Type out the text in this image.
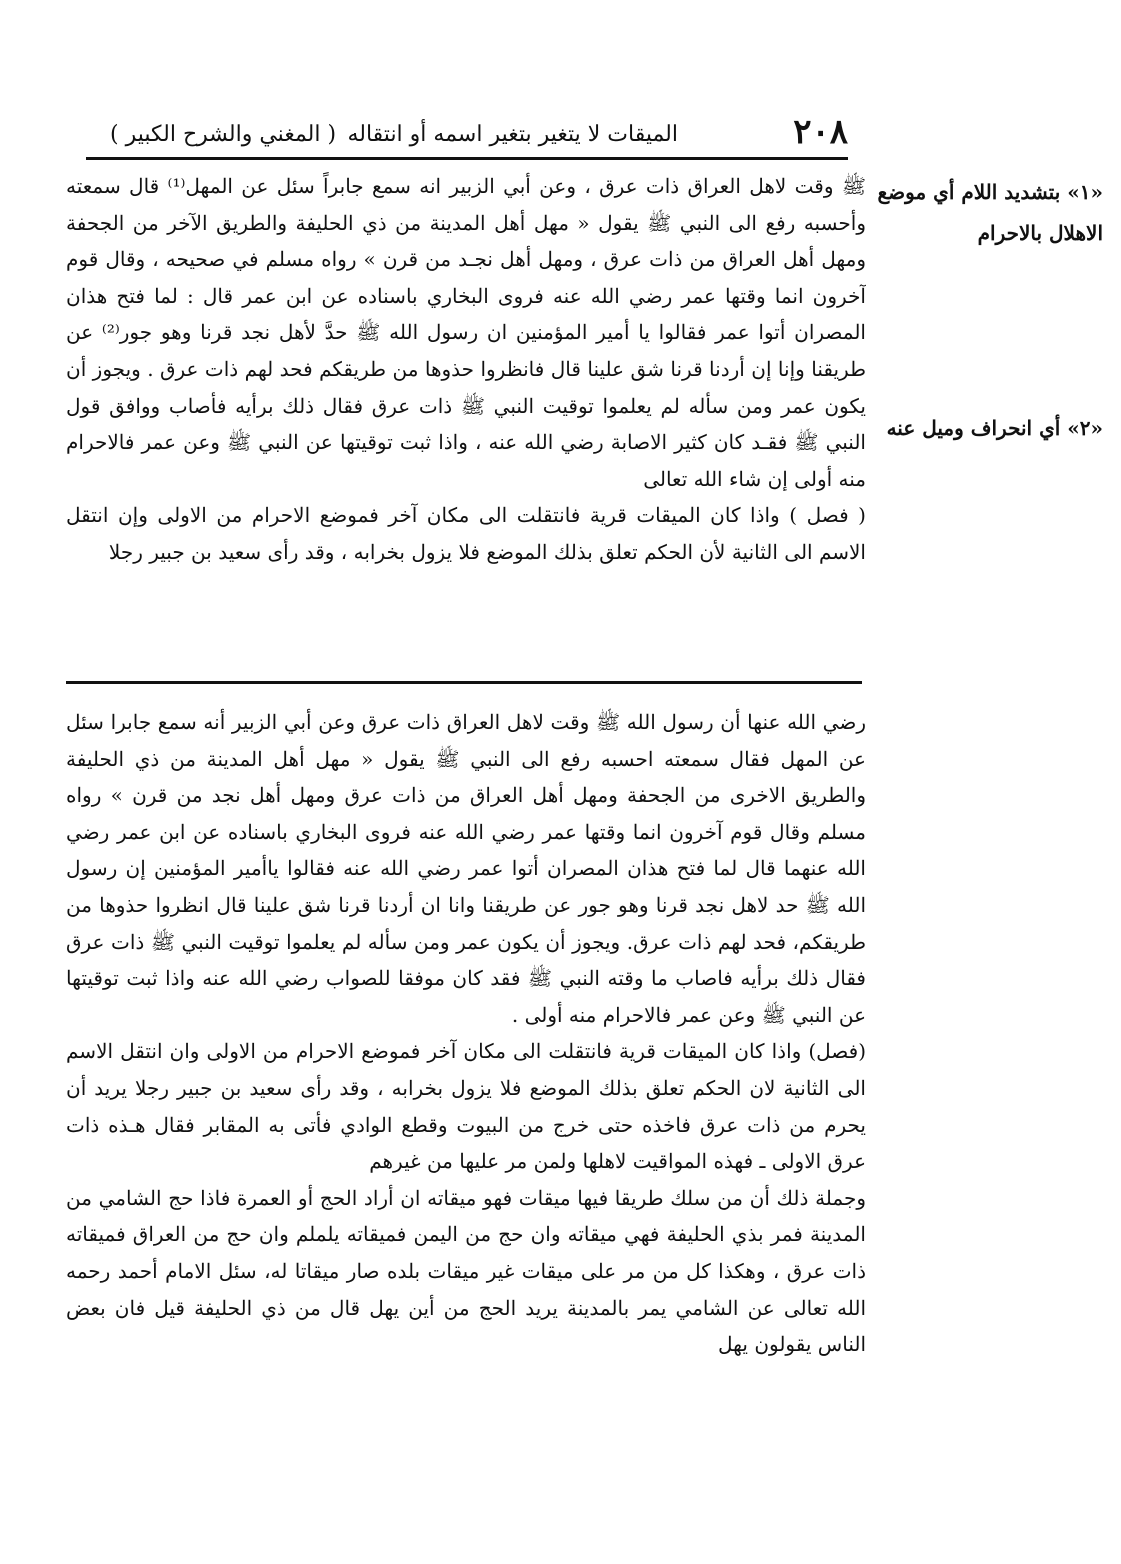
٢٠٨
الميقات لا يتغير بتغير اسمه أو انتقاله
( المغني والشرح الكبير )
«١» بتشديد اللام أي موضع الاهلال بالاحرام
«٢» أي انحراف وميل عنه

ﷺ وقت لاهل العراق ذات عرق ، وعن أبي الزبير انه سمع جابراً سئل عن المهل⁽¹⁾ قال سمعته وأحسبه رفع الى النبي ﷺ يقول « مهل أهل المدينة من ذي الحليفة والطريق الآخر من الجحفة ومهل أهل العراق من ذات عرق ، ومهل أهل نجـد من قرن » رواه مسلم في صحيحه ، وقال قوم آخرون انما وقتها عمر رضي الله عنه فروى البخاري باسناده عن ابن عمر قال : لما فتح هذان المصران أتوا عمر فقالوا يا أمير المؤمنين ان رسول الله ﷺ حدَّ لأهل نجد قرنا وهو جور⁽²⁾ عن طريقنا وإنا إن أردنا قرنا شق علينا قال فانظروا حذوها من طريقكم فحد لهم ذات عرق . ويجوز أن يكون عمر ومن سأله لم يعلموا توقيت النبي ﷺ ذات عرق فقال ذلك برأيه فأصاب ووافق قول النبي ﷺ فقـد كان كثير الاصابة رضي الله عنه ، واذا ثبت توقيتها عن النبي ﷺ وعن عمر فالاحرام منه أولى إن شاء الله تعالى

( فصل ) واذا كان الميقات قرية فانتقلت الى مكان آخر فموضع الاحرام من الاولى وإن انتقل الاسم الى الثانية لأن الحكم تعلق بذلك الموضع فلا يزول بخرابه ، وقد رأى سعيد بن جبير رجلا

رضي الله عنها أن رسول الله ﷺ وقت لاهل العراق ذات عرق وعن أبي الزبير أنه سمع جابرا سئل عن المهل فقال سمعته احسبه رفع الى النبي ﷺ يقول « مهل أهل المدينة من ذي الحليفة والطريق الاخرى من الجحفة ومهل أهل العراق من ذات عرق ومهل أهل نجد من قرن » رواه مسلم وقال قوم آخرون انما وقتها عمر رضي الله عنه فروى البخاري باسناده عن ابن عمر رضي الله عنهما قال لما فتح هذان المصران أتوا عمر رضي الله عنه فقالوا ياأمير المؤمنين إن رسول الله ﷺ حد لاهل نجد قرنا وهو جور عن طريقنا وانا ان أردنا قرنا شق علينا قال انظروا حذوها من طريقكم، فحد لهم ذات عرق. ويجوز أن يكون عمر ومن سأله لم يعلموا توقيت النبي ﷺ ذات عرق فقال ذلك برأيه فاصاب ما وقته النبي ﷺ فقد كان موفقا للصواب رضي الله عنه واذا ثبت توقيتها عن النبي ﷺ وعن عمر فالاحرام منه أولى .

(فصل) واذا كان الميقات قرية فانتقلت الى مكان آخر فموضع الاحرام من الاولى وان انتقل الاسم الى الثانية لان الحكم تعلق بذلك الموضع فلا يزول بخرابه ، وقد رأى سعيد بن جبير رجلا يريد أن يحرم من ذات عرق فاخذه حتى خرج من البيوت وقطع الوادي فأتى به المقابر فقال هـذه ذات عرق الاولى ـ فهذه المواقيت لاهلها ولمن مر عليها من غيرهم

وجملة ذلك أن من سلك طريقا فيها ميقات فهو ميقاته ان أراد الحج أو العمرة فاذا حج الشامي من المدينة فمر بذي الحليفة فهي ميقاته وان حج من اليمن فميقاته يلملم وان حج من العراق فميقاته ذات عرق ، وهكذا كل من مر على ميقات غير ميقات بلده صار ميقاتا له، سئل الامام أحمد رحمه الله تعالى عن الشامي يمر بالمدينة يريد الحج من أين يهل قال من ذي الحليفة قيل فان بعض الناس يقولون يهل
